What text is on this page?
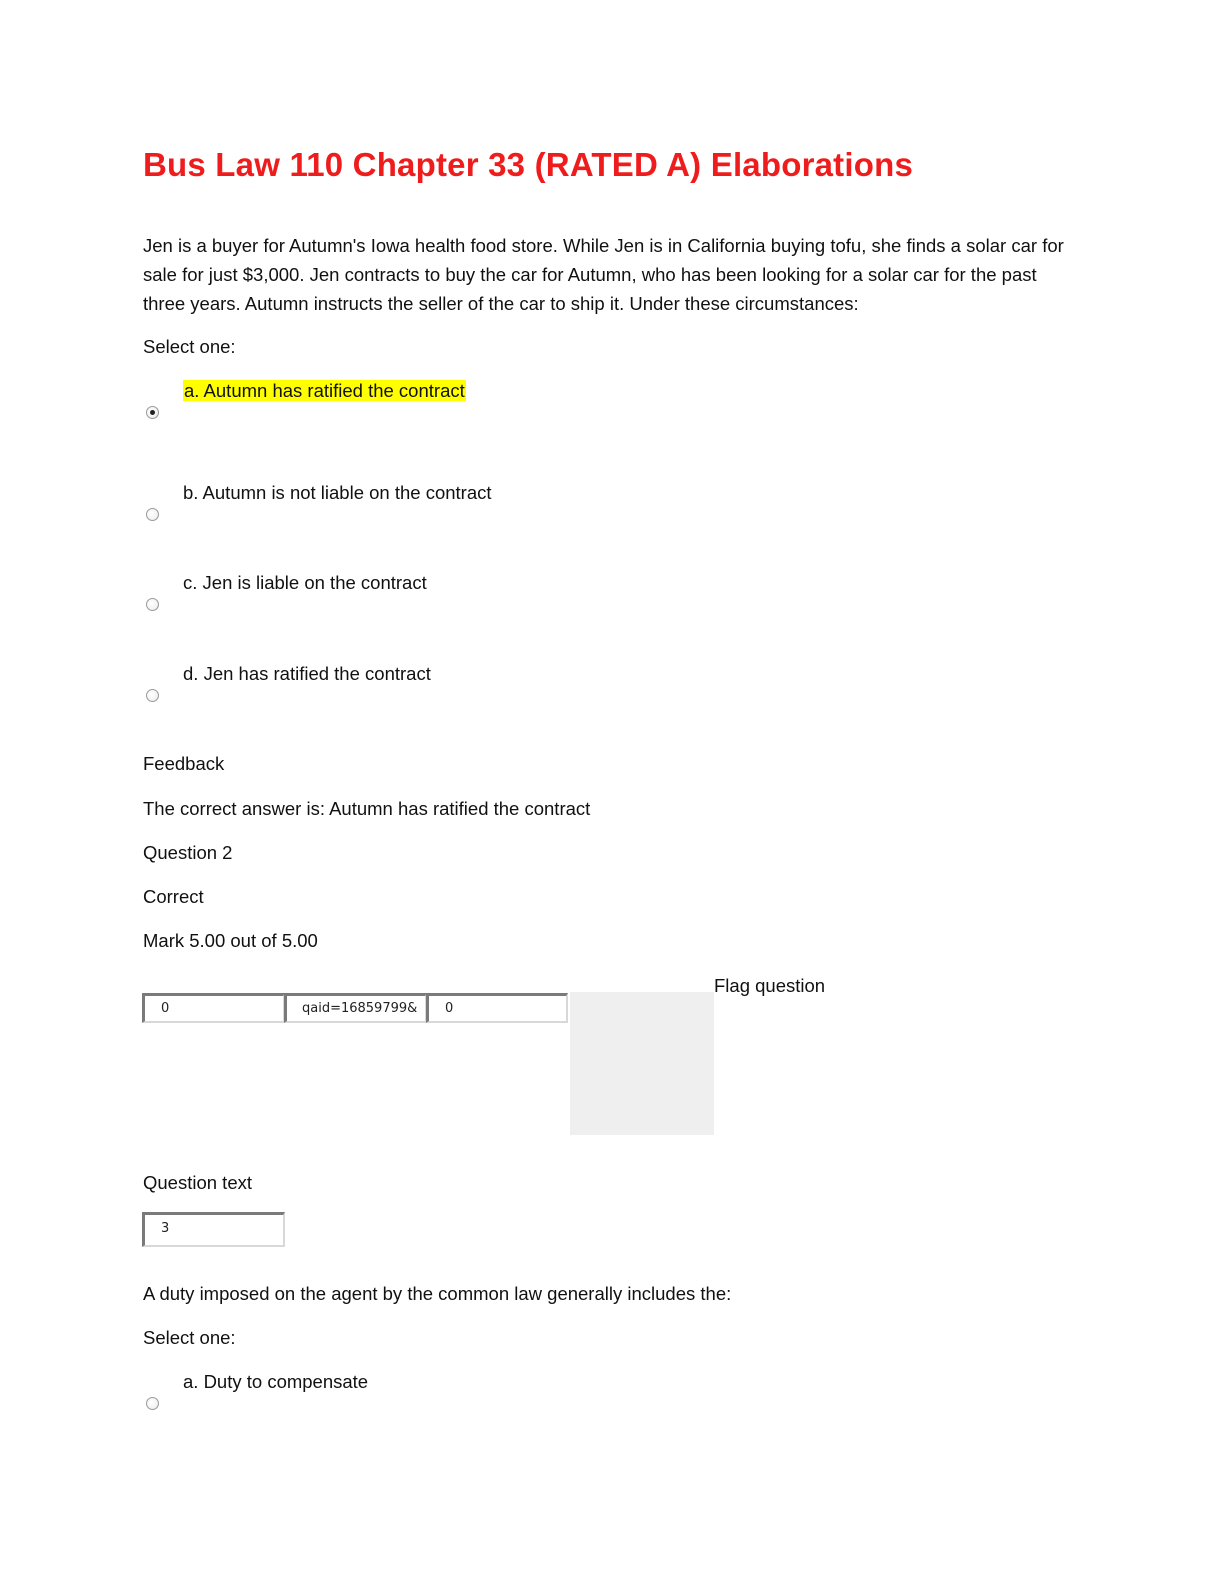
Bus Law 110 Chapter 33 (RATED A) Elaborations
Jen is a buyer for Autumn's Iowa health food store. While Jen is in California buying tofu, she finds a solar car for sale for just $3,000. Jen contracts to buy the car for Autumn, who has been looking for a solar car for the past three years. Autumn instructs the seller of the car to ship it. Under these circumstances:
Select one:
a. Autumn has ratified the contract
b. Autumn is not liable on the contract
c. Jen is liable on the contract
d. Jen has ratified the contract
Feedback
The correct answer is: Autumn has ratified the contract
Question 2
Correct
Mark 5.00 out of 5.00
Flag question
0	qaid=16859799&	0
Question text
3
A duty imposed on the agent by the common law generally includes the:
Select one:
a. Duty to compensate
